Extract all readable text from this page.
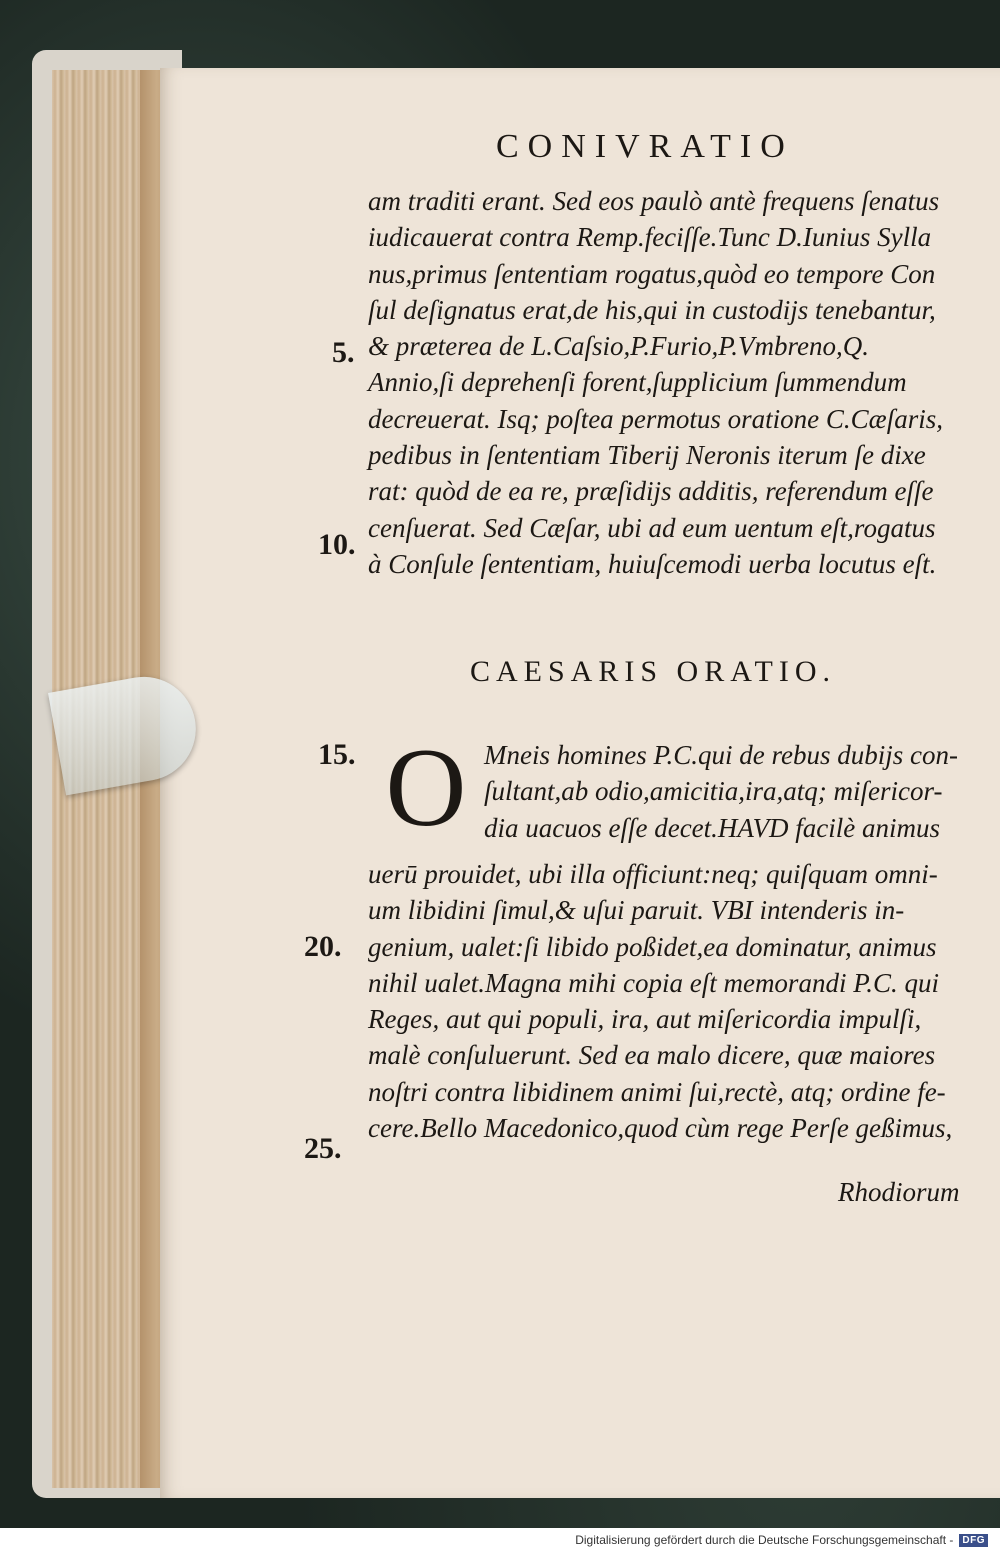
CONIVRATIO
am traditi erant. Sed eos paulò antè frequens ſenatus
iudicauerat contra Remp.feciſſe.Tunc D.Iunius Sylla
nus,primus ſententiam rogatus,quòd eo tempore Con
ſul deſignatus erat,de his,qui in custodijs tenebantur,
& præterea de L.Caſsio,P.Furio,P.Vmbreno,Q.
Annio,ſi deprehenſi forent,ſupplicium ſummendum
decreuerat. Isq; poſtea permotus oratione C.Cæſaris,
pedibus in ſententiam Tiberij Neronis iterum ſe dixe
rat: quòd de ea re, præſidijs additis, referendum eſſe
cenſuerat. Sed Cæſar, ubi ad eum uentum eſt,rogatus
à Conſule ſententiam, huiuſcemodi uerba locutus eſt.
CAESARIS ORATIO.
O Mneis homines P.C.qui de rebus dubijs con-
ſultant,ab odio,amicitia,ira,atq; miſericor-
dia uacuos eſſe decet.HAVD facilè animus
uerū prouidet, ubi illa officiunt:neq; quiſquam omni-
um libidini ſimul,& uſui paruit. VBI intenderis in-
genium, ualet:ſi libido poßidet,ea dominatur, animus
nihil ualet.Magna mihi copia eſt memorandi P.C. qui
Reges, aut qui populi, ira, aut miſericordia impulſi,
malè conſuluerunt. Sed ea malo dicere, quæ maiores
noſtri contra libidinem animi ſui,rectè, atq; ordine fe-
cere.Bello Macedonico,quod cùm rege Perſe geßimus,
Rhodiorum
5.
10.
15.
20.
25.
Digitalisierung gefördert durch die Deutsche Forschungsgemeinschaft - DFG
